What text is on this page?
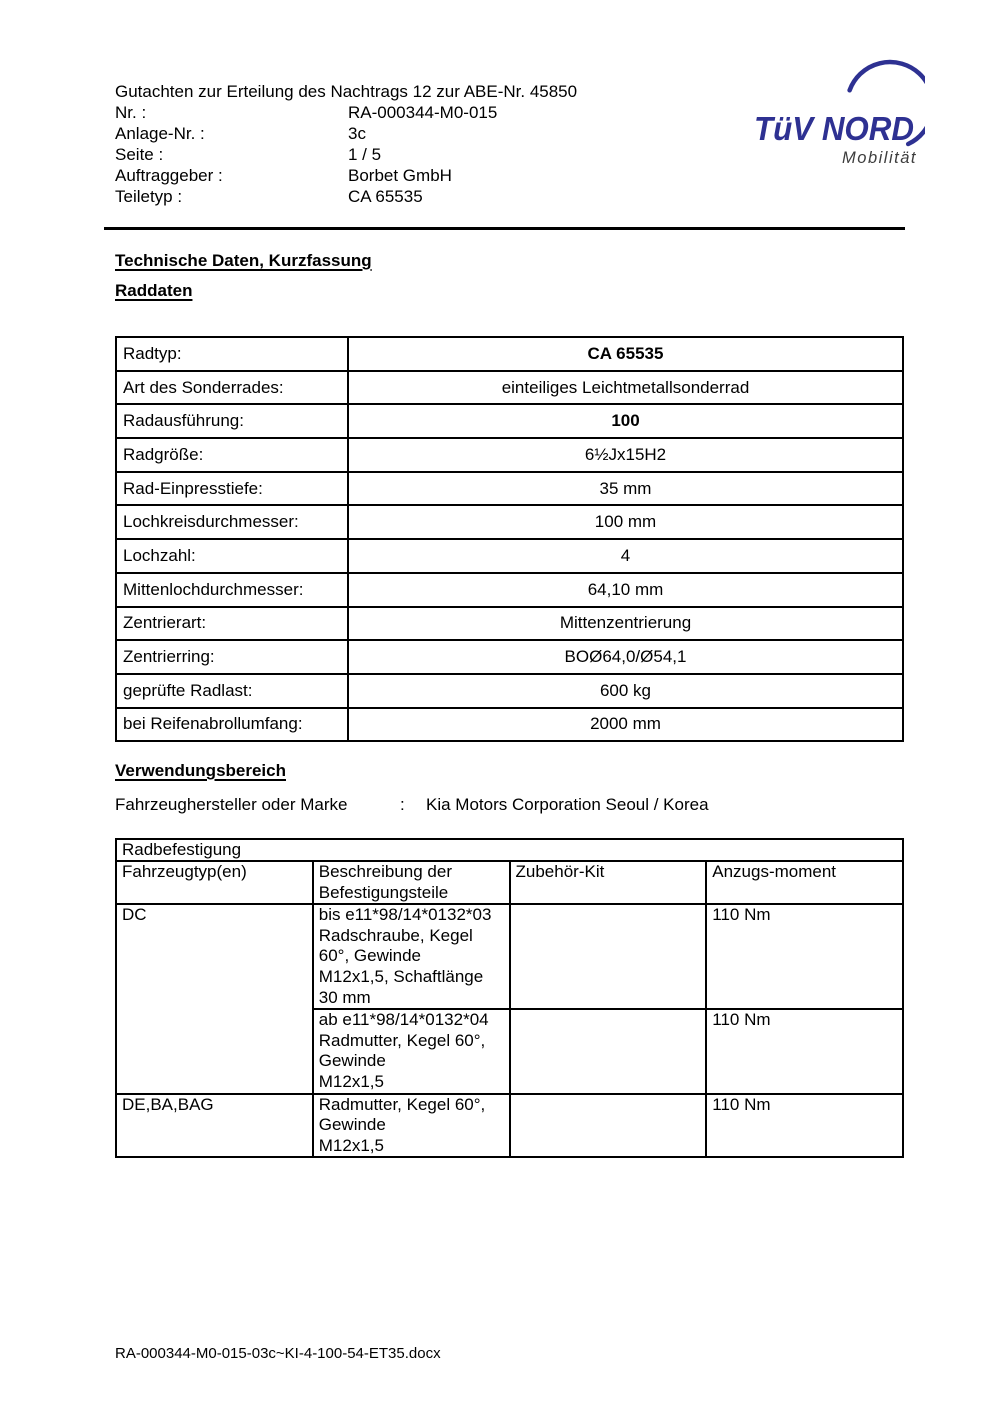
Gutachten zur Erteilung des Nachtrags 12 zur ABE-Nr. 45850
Nr. :	RA-000344-M0-015
Anlage-Nr. :	3c
Seite :	1 / 5
Auftraggeber :	Borbet GmbH
Teiletyp :	CA 65535
TüV NORD
Mobilität
Technische Daten, Kurzfassung
Raddaten
Radtyp:	CA 65535
Art des Sonderrades:	einteiliges Leichtmetallsonderrad
Radausführung:	100
Radgröße:	6½Jx15H2
Rad-Einpresstiefe:	35 mm
Lochkreisdurchmesser:	100 mm
Lochzahl:	4
Mittenlochdurchmesser:	64,10 mm
Zentrierart:	Mittenzentrierung
Zentrierring:	BOØ64,0/Ø54,1
geprüfte Radlast:	600 kg
bei Reifenabrollumfang:	2000 mm
Verwendungsbereich
Fahrzeughersteller oder Marke	: Kia Motors Corporation Seoul / Korea
Radbefestigung			
Fahrzeugtyp(en)	Beschreibung der Befestigungsteile	Zubehör-Kit	Anzugs-moment
DC	bis e11*98/14*0132*03
Radschraube, Kegel 60°, Gewinde
M12x1,5, Schaftlänge 30 mm		110 Nm

	ab e11*98/14*0132*04
Radmutter, Kegel 60°, Gewinde
M12x1,5		110 Nm
DE,BA,BAG	Radmutter, Kegel 60°, Gewinde
M12x1,5		110 Nm
RA-000344-M0-015-03c~KI-4-100-54-ET35.docx
